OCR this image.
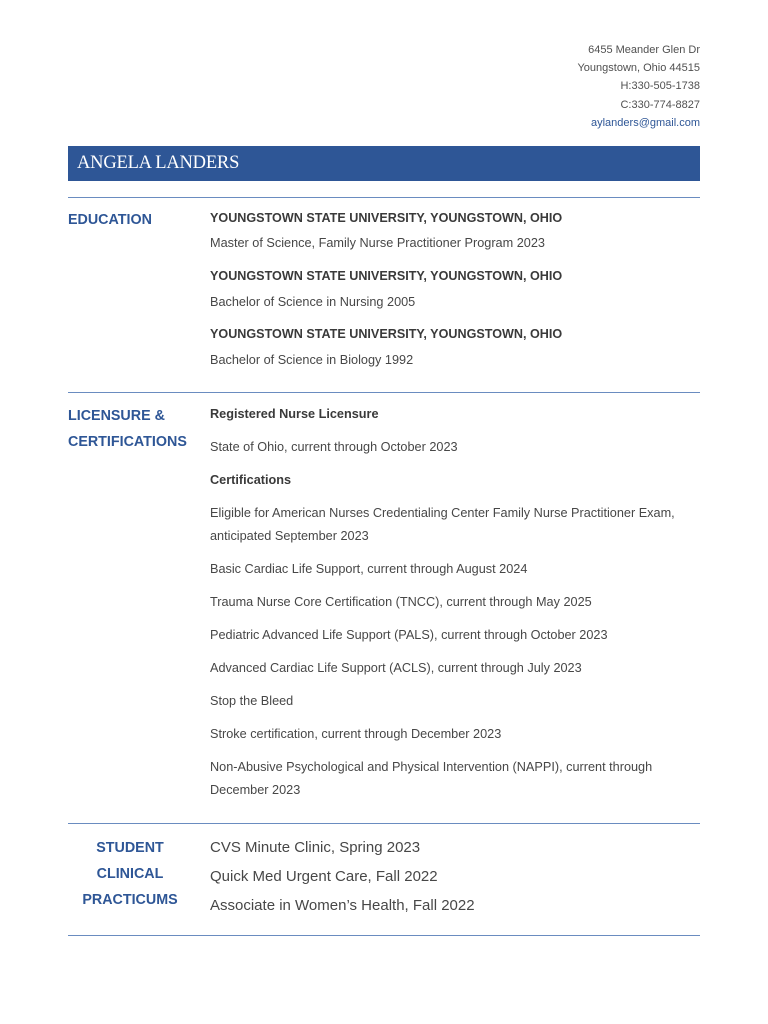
6455 Meander Glen Dr
Youngstown, Ohio 44515
H:330-505-1738
C:330-774-8827
aylanders@gmail.com
ANGELA LANDERS
EDUCATION	YOUNGSTOWN STATE UNIVERSITY, YOUNGSTOWN, OHIO
Master of Science, Family Nurse Practitioner Program 2023
YOUNGSTOWN STATE UNIVERSITY, YOUNGSTOWN, OHIO
Bachelor of Science in Nursing 2005
YOUNGSTOWN STATE UNIVERSITY, YOUNGSTOWN, OHIO
Bachelor of Science in Biology 1992
LICENSURE &
CERTIFICATIONS
Registered Nurse Licensure
State of Ohio, current through October 2023
Certifications
Eligible for American Nurses Credentialing Center Family Nurse Practitioner Exam, anticipated September 2023
Basic Cardiac Life Support, current through August 2024
Trauma Nurse Core Certification (TNCC), current through May 2025
Pediatric Advanced Life Support (PALS), current through October 2023
Advanced Cardiac Life Support (ACLS), current through July 2023
Stop the Bleed
Stroke certification, current through December 2023
Non-Abusive Psychological and Physical Intervention (NAPPI), current through December 2023
STUDENT
CLINICAL
PRACTICUMS
CVS Minute Clinic, Spring 2023
Quick Med Urgent Care, Fall 2022
Associate in Women’s Health, Fall 2022
